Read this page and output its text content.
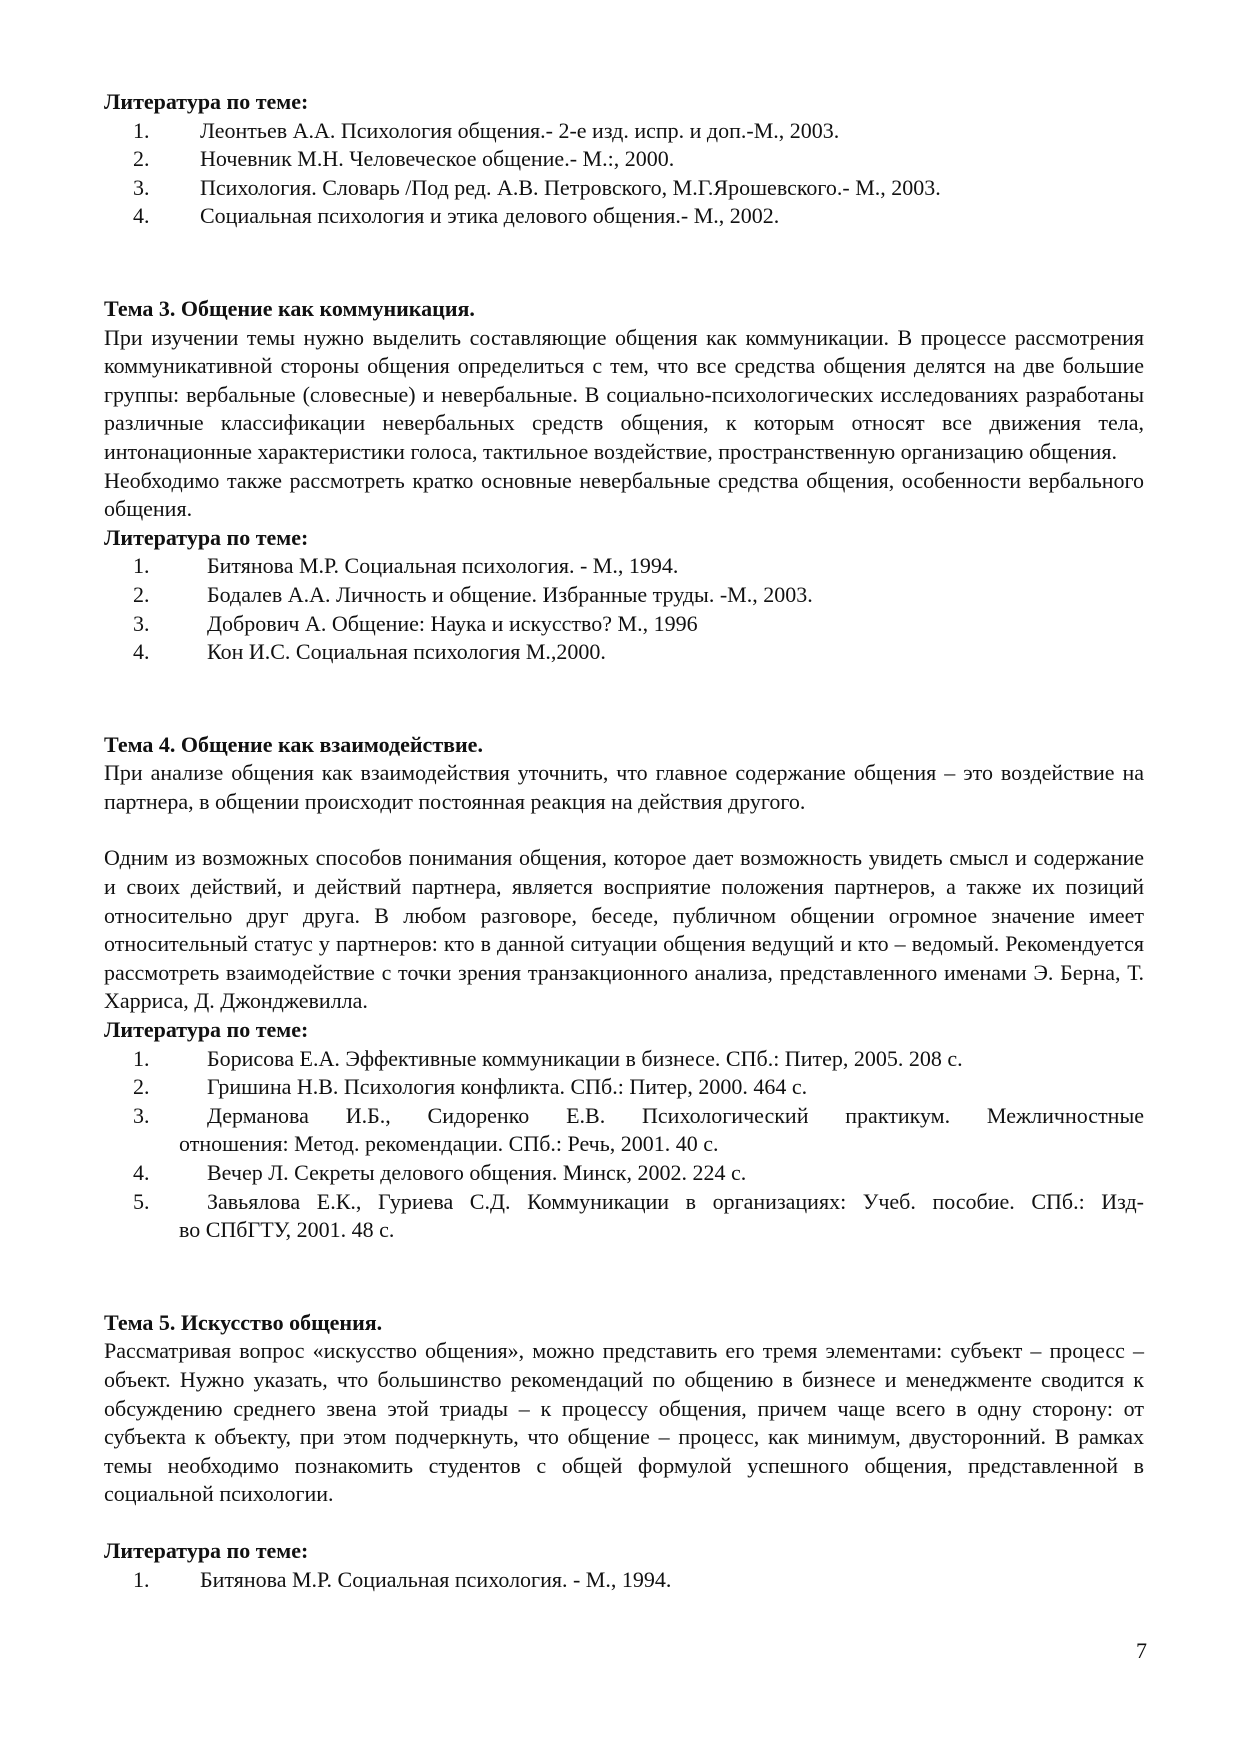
Литература по теме:

1. Леонтьев А.А. Психология общения.- 2-е изд. испр. и доп.-М., 2003.
2. Ночевник М.Н. Человеческое общение.- М.:, 2000.
3. Психология. Словарь /Под ред. А.В. Петровского, М.Г.Ярошевского.- М., 2003.
4. Социальная психология и этика делового общения.- М., 2002.

Тема 3. Общение как коммуникация.

При изучении темы нужно выделить составляющие общения как коммуникации. В процессе рассмотрения коммуникативной стороны общения определиться с тем, что все средства общения делятся на две большие группы: вербальные (словесные) и невербальные. В социально-психологических исследованиях разработаны различные классификации невербальных средств общения, к которым относят все движения тела, интонационные характеристики голоса, тактильное воздействие, пространственную организацию общения.

Необходимо также рассмотреть кратко основные невербальные средства общения, особенности вербального общения.

Литература по теме:

1.	Битянова М.Р. Социальная психология. - М., 1994.
2.	Бодалев А.А. Личность и общение. Избранные труды. -М., 2003.
3.	Добрович А. Общение: Наука и искусство? М., 1996
4.	Кон И.С. Социальная психология М.,2000.

Тема 4. Общение как взаимодействие.

При анализе общения как взаимодействия уточнить, что главное содержание общения – это воздействие на партнера, в общении происходит постоянная реакция на действия другого.

Одним из возможных способов понимания общения, которое дает возможность увидеть смысл и содержание и своих действий, и действий партнера, является восприятие положения партнеров, а также их позиций относительно друг друга. В любом разговоре, беседе, публичном общении огромное значение имеет относительный статус у партнеров: кто в данной ситуации общения ведущий и кто – ведомый. Рекомендуется рассмотреть взаимодействие с точки зрения транзакционного анализа, представленного именами Э. Берна, Т. Харриса, Д. Джонджевилла.

Литература по теме:

1.	Борисова Е.А. Эффективные коммуникации в бизнесе. СПб.: Питер, 2005. 208 с.
2.	Гришина Н.В. Психология конфликта. СПб.: Питер, 2000. 464 с.
3.	Дерманова И.Б., Сидоренко Е.В. Психологический практикум. Межличностные
отношения: Метод. рекомендации. СПб.: Речь, 2001. 40 с.
4.	Вечер Л. Секреты делового общения. Минск, 2002. 224 с.
5.	Завьялова Е.К., Гуриева С.Д. Коммуникации в организациях: Учеб. пособие. СПб.: Изд-
во СПбГТУ, 2001. 48 с.

Тема 5. Искусство общения.

Рассматривая вопрос «искусство общения», можно представить его тремя элементами: субъект – процесс – объект. Нужно указать, что большинство рекомендаций по общению в бизнесе и менеджменте сводится к обсуждению среднего звена этой триады – к процессу общения, причем чаще всего в одну сторону: от субъекта к объекту, при этом подчеркнуть, что общение – процесс, как минимум, двусторонний. В рамках темы необходимо познакомить студентов с общей формулой успешного общения, представленной в социальной психологии.

Литература по теме:

1. Битянова М.Р. Социальная психология. - М., 1994.
7
